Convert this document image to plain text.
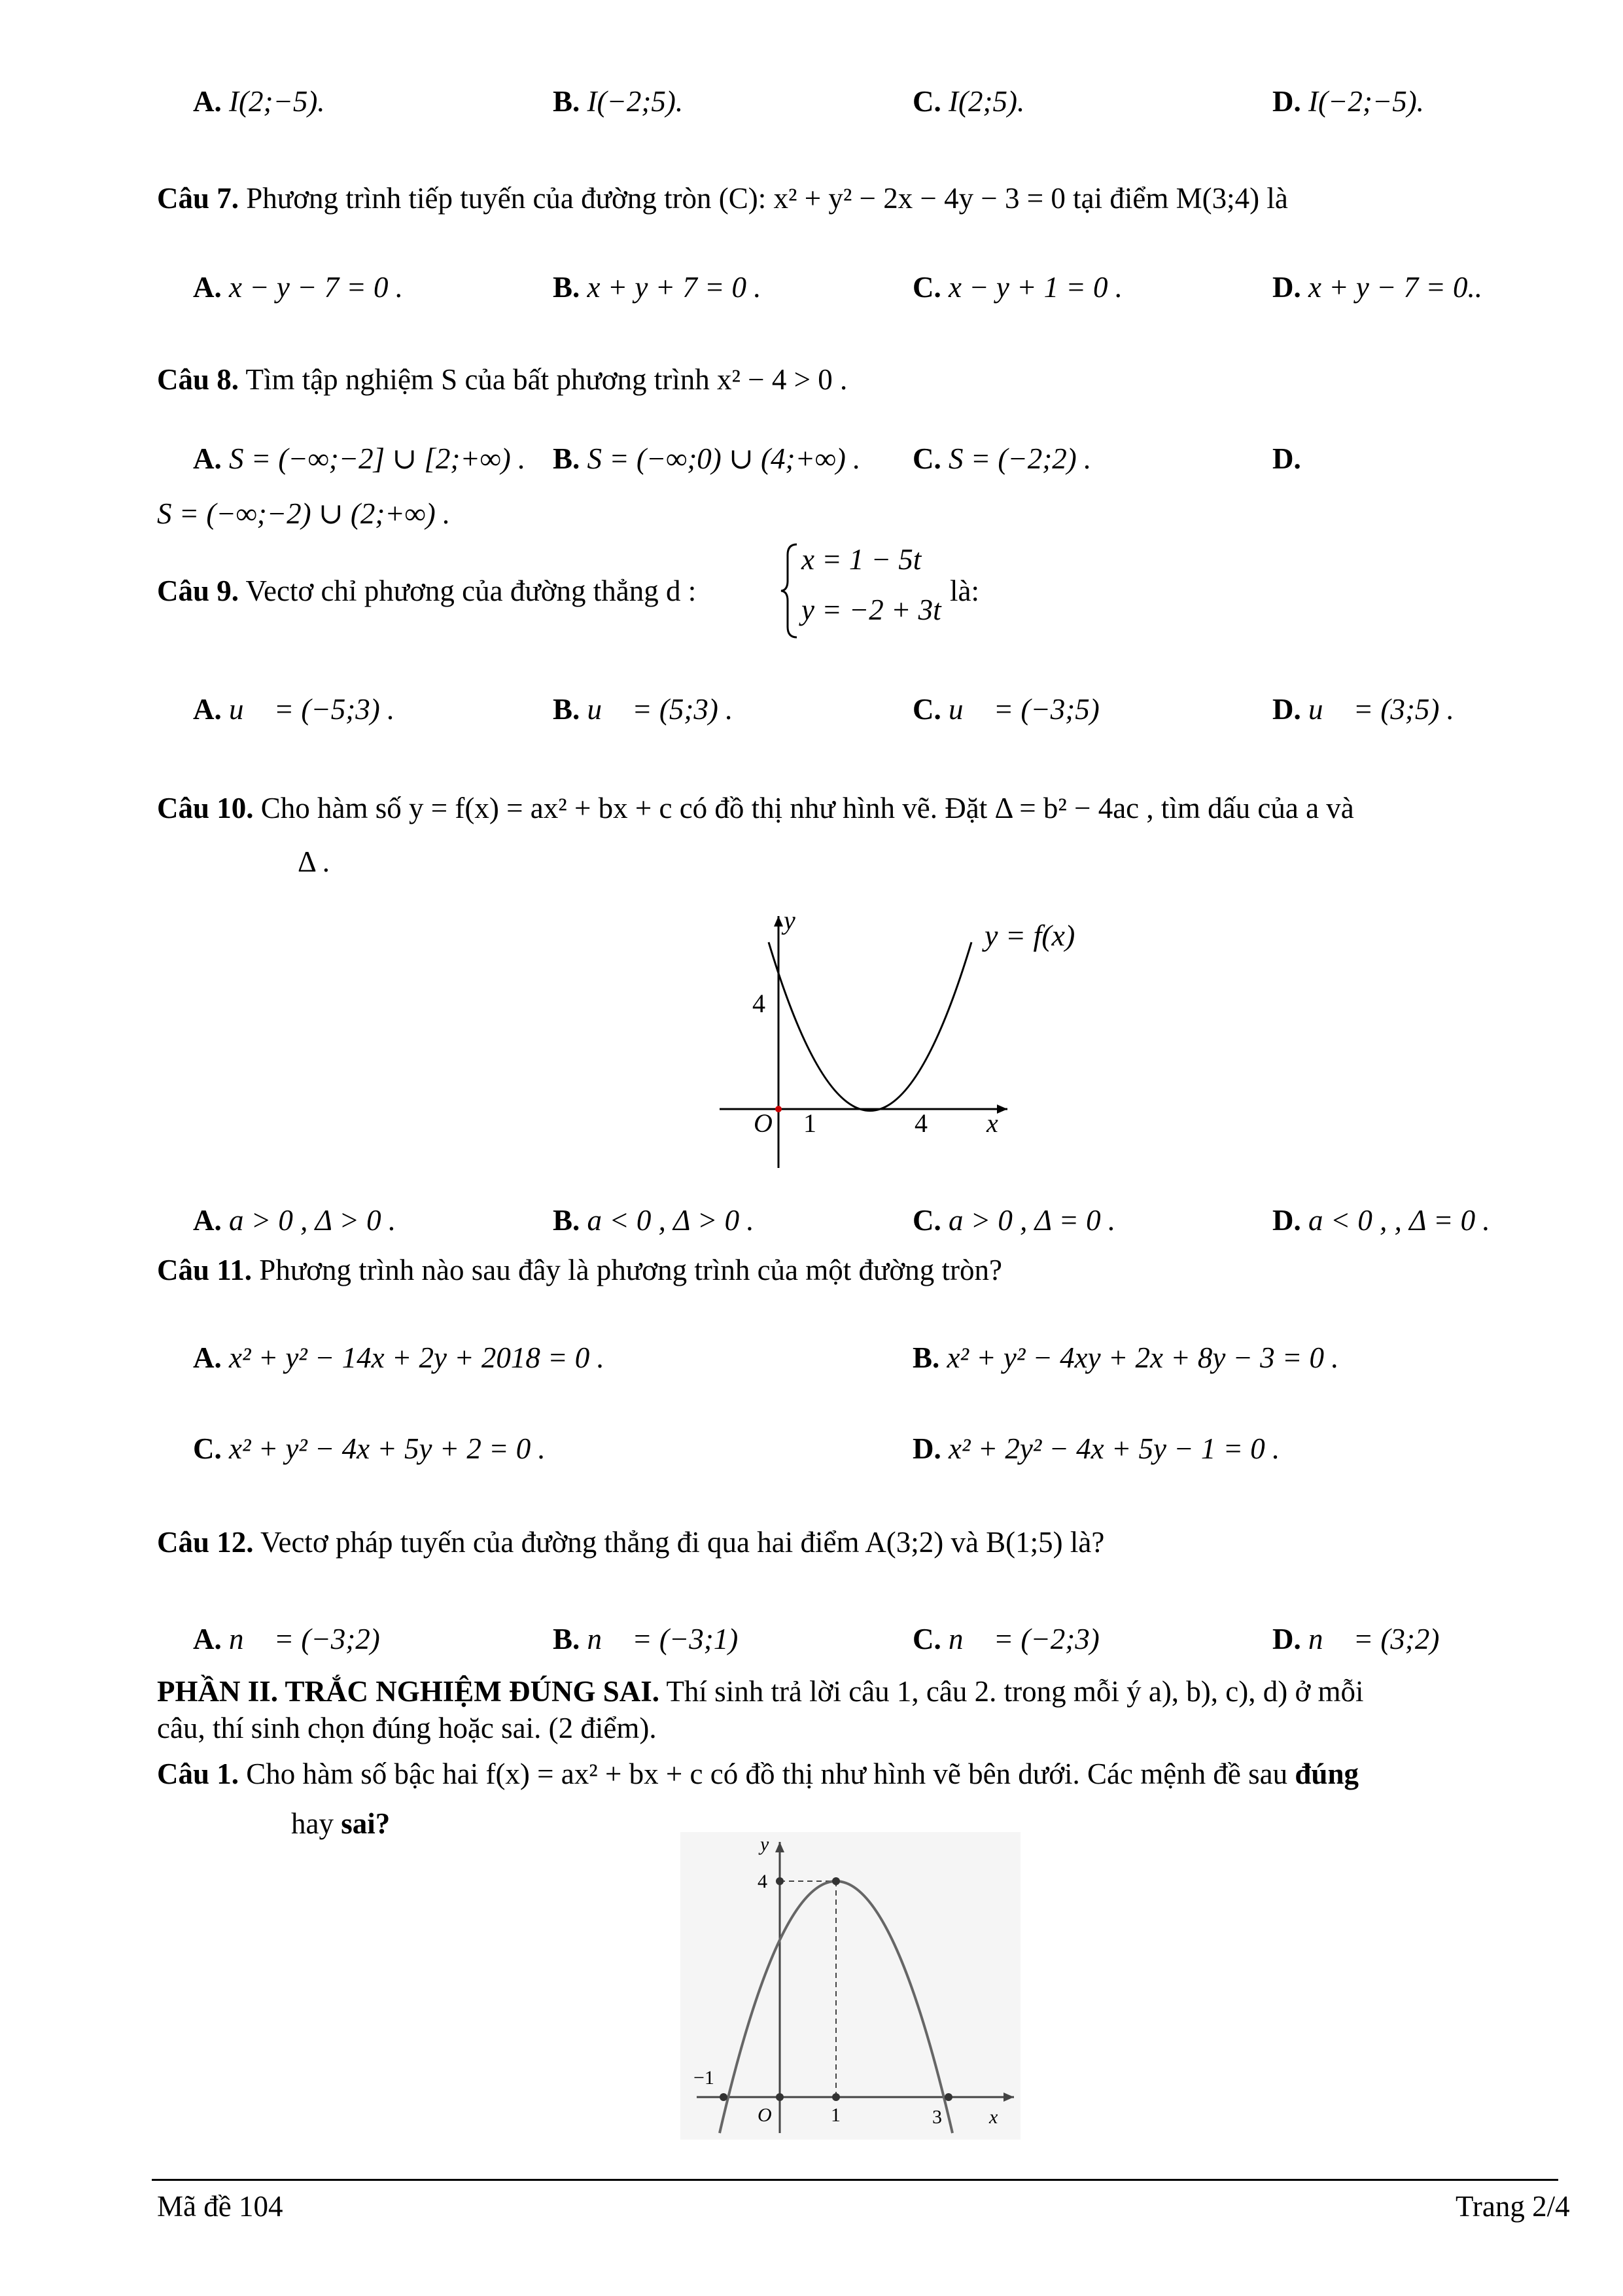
A. I(2;−5).	B. I(−2;5).	C. I(2;5).	D. I(−2;−5).
Câu 7. Phương trình tiếp tuyến của đường tròn (C): x² + y² − 2x − 4y − 3 = 0 tại điểm M(3;4) là
A. x − y − 7 = 0 .	B. x + y + 7 = 0 .	C. x − y + 1 = 0 .	D. x + y − 7 = 0..
Câu 8. Tìm tập nghiệm S của bất phương trình x² − 4 > 0 .
A. S = (−∞;−2] ∪ [2;+∞) . B. S = (−∞;0) ∪ (4;+∞) . C. S = (−2;2) .	D.
S = (−∞;−2) ∪ (2;+∞) .
Câu 9. Vectơ chỉ phương của đường thẳng d :
x = 1 − 5t
y = −2 + 3t
là:
A. u⃗ = (−5;3) .	B. u⃗ = (5;3) .	C. u⃗ = (−3;5)	D. u⃗ = (3;5) .
Câu 10. Cho hàm số y = f(x) = ax² + bx + c có đồ thị như hình vẽ. Đặt Δ = b² − 4ac , tìm dấu của a và
Δ .
y
x
O 1	4
4
y = f(x)
A. a > 0 , Δ > 0 .	B. a < 0 , Δ > 0 .	C. a > 0 , Δ = 0 .	D. a < 0 , , Δ = 0 .
Câu 11. Phương trình nào sau đây là phương trình của một đường tròn?
A. x² + y² − 14x + 2y + 2018 = 0 .	B. x² + y² − 4xy + 2x + 8y − 3 = 0 .
C. x² + y² − 4x + 5y + 2 = 0 .	D. x² + 2y² − 4x + 5y − 1 = 0 .
Câu 12. Vectơ pháp tuyến của đường thẳng đi qua hai điểm A(3;2) và B(1;5) là?
A. n⃗ = (−3;2)	B. n⃗ = (−3;1)	C. n⃗ = (−2;3)	D. n⃗ = (3;2)
PHẦN II. TRẮC NGHIỆM ĐÚNG SAI. Thí sinh trả lời câu 1, câu 2. trong mỗi ý a), b), c), d) ở mỗi
câu, thí sinh chọn đúng hoặc sai. (2 điểm).
Câu 1. Cho hàm số bậc hai f(x) = ax² + bx + c có đồ thị như hình vẽ bên dưới. Các mệnh đề sau đúng
hay sai?
y
x
O
4
−1
1	3
Mã đề 104	Trang 2/4
